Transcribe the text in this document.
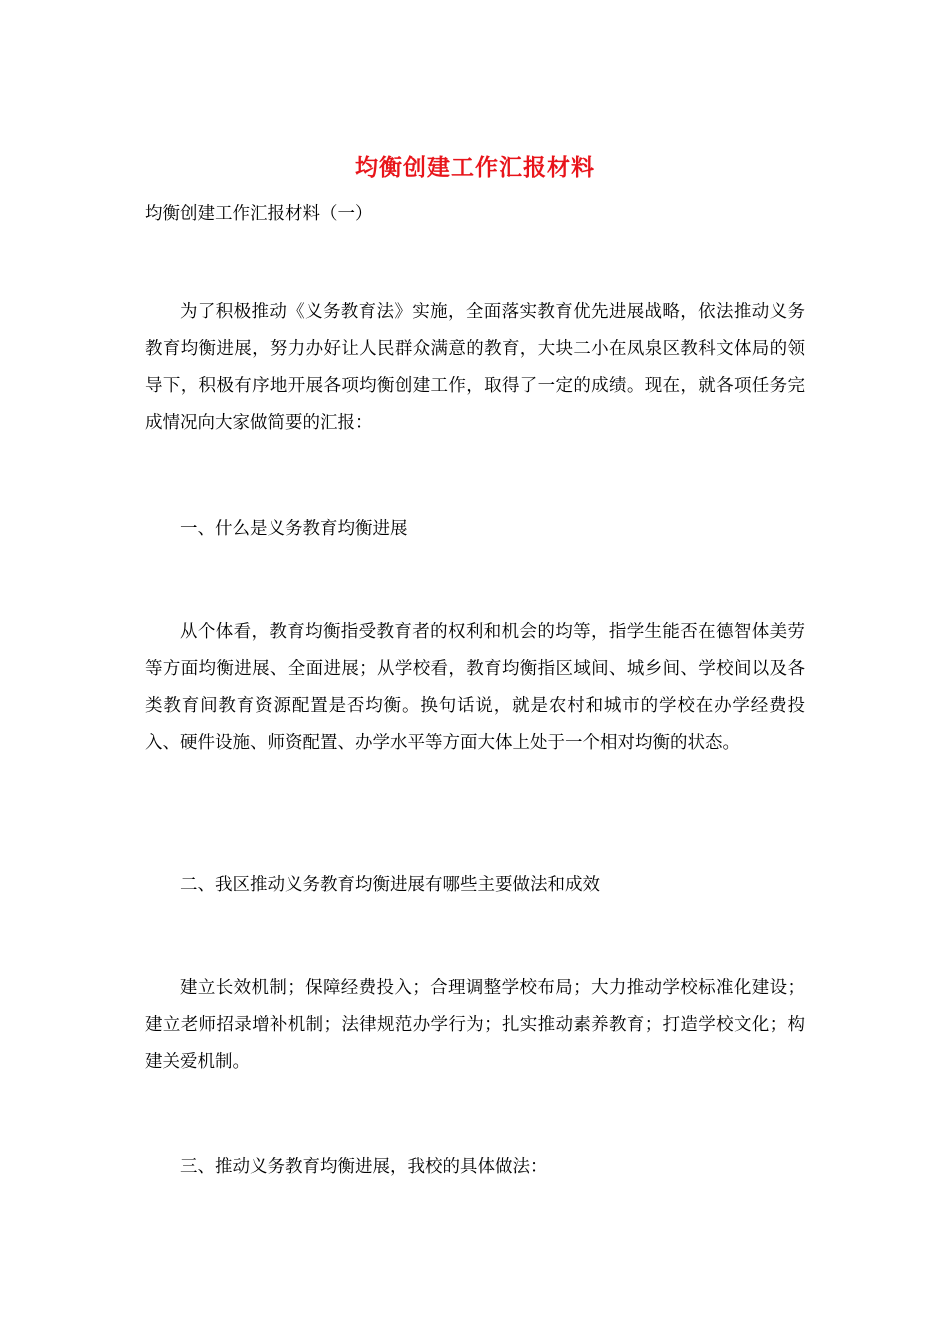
均衡创建工作汇报材料
均衡创建工作汇报材料（一）

为了积极推动《义务教育法》实施，全面落实教育优先进展战略，依法推动义务教育均衡进展，努力办好让人民群众满意的教育，大块二小在凤泉区教科文体局的领导下，积极有序地开展各项均衡创建工作，取得了一定的成绩。现在，就各项任务完成情况向大家做简要的汇报：

一、什么是义务教育均衡进展

从个体看，教育均衡指受教育者的权利和机会的均等，指学生能否在德智体美劳等方面均衡进展、全面进展；从学校看，教育均衡指区域间、城乡间、学校间以及各类教育间教育资源配置是否均衡。换句话说，就是农村和城市的学校在办学经费投入、硬件设施、师资配置、办学水平等方面大体上处于一个相对均衡的状态。

二、我区推动义务教育均衡进展有哪些主要做法和成效

建立长效机制；保障经费投入；合理调整学校布局；大力推动学校标准化建设；建立老师招录增补机制；法律规范办学行为；扎实推动素养教育；打造学校文化；构建关爱机制。

三、推动义务教育均衡进展，我校的具体做法：
